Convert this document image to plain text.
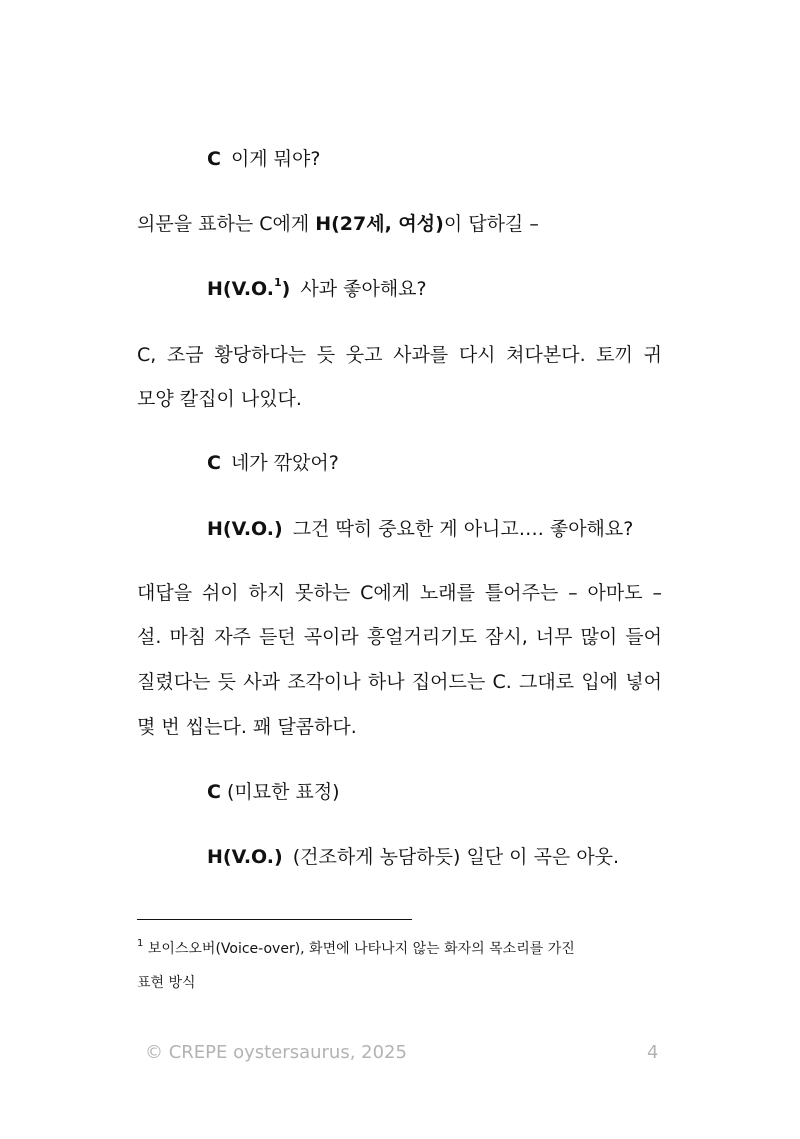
C 이게 뭐야?
의문을 표하는 C에게 H(27세, 여성)이 답하길 –
H(V.O.$^1$) 사과 좋아해요?
C, 조금 황당하다는 듯 웃고 사과를 다시 쳐다본다. 토끼 귀
모양 칼집이 나있다.
C 네가 깎았어?
H(V.O.) 그건 딱히 중요한 게 아니고…. 좋아해요?
대답을 쉬이 하지 못하는 C에게 노래를 틀어주는 – 아마도 –
설. 마침 자주 듣던 곡이라 흥얼거리기도 잠시, 너무 많이 들어
질렸다는 듯 사과 조각이나 하나 집어드는 C. 그대로 입에 넣어
몇 번 씹는다. 꽤 달콤하다.
C (미묘한 표정)
H(V.O.) (건조하게 농담하듯) 일단 이 곡은 아웃.
$^1$ 보이스오버(Voice-over), 화면에 나타나지 않는 화자의 목소리를 가진
표현 방식
© CREPE oystersaurus, 2025	4
